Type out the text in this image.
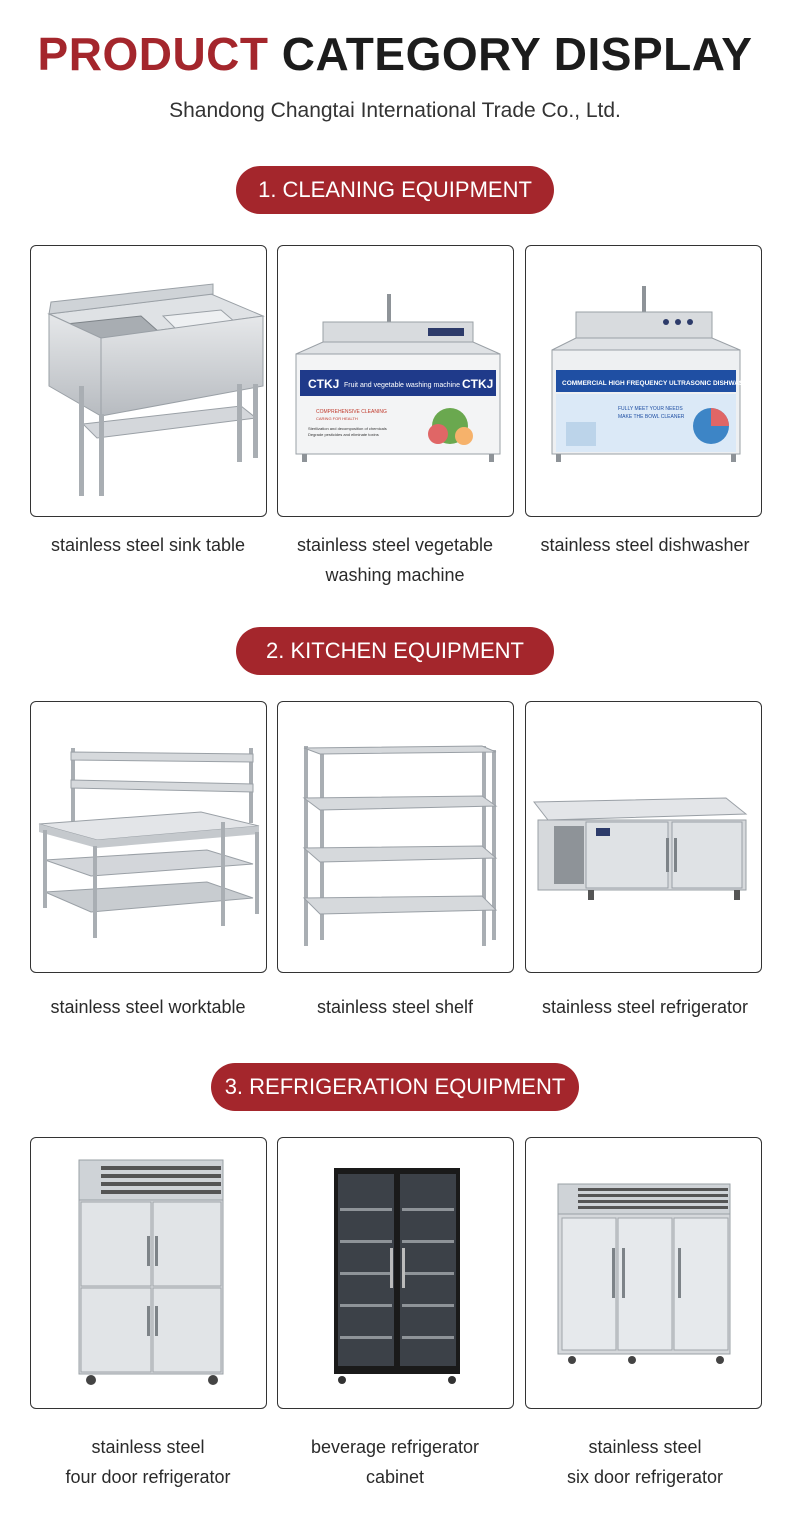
PRODUCT CATEGORY DISPLAY
Shandong Changtai International Trade Co., Ltd.
1. CLEANING EQUIPMENT
CTKJ Fruit and vegetable washing machine CTKJ
COMPREHENSIVE CLEANING
CARING FOR HEALTH
Sterilization and decomposition of chemicals
Degrade pesticides and eliminate toxins
COMMERCIAL HIGH FREQUENCY ULTRASONIC DISHWASHER
FULLY MEET YOUR NEEDS
MAKE THE BOWL CLEANER
stainless steel sink table	stainless steel vegetable
washing machine
stainless steel dishwasher
2. KITCHEN EQUIPMENT
stainless steel worktable	stainless steel shelf	stainless steel refrigerator
3. REFRIGERATION EQUIPMENT
stainless steel
four door refrigerator
beverage refrigerator
cabinet
stainless steel
six door refrigerator
